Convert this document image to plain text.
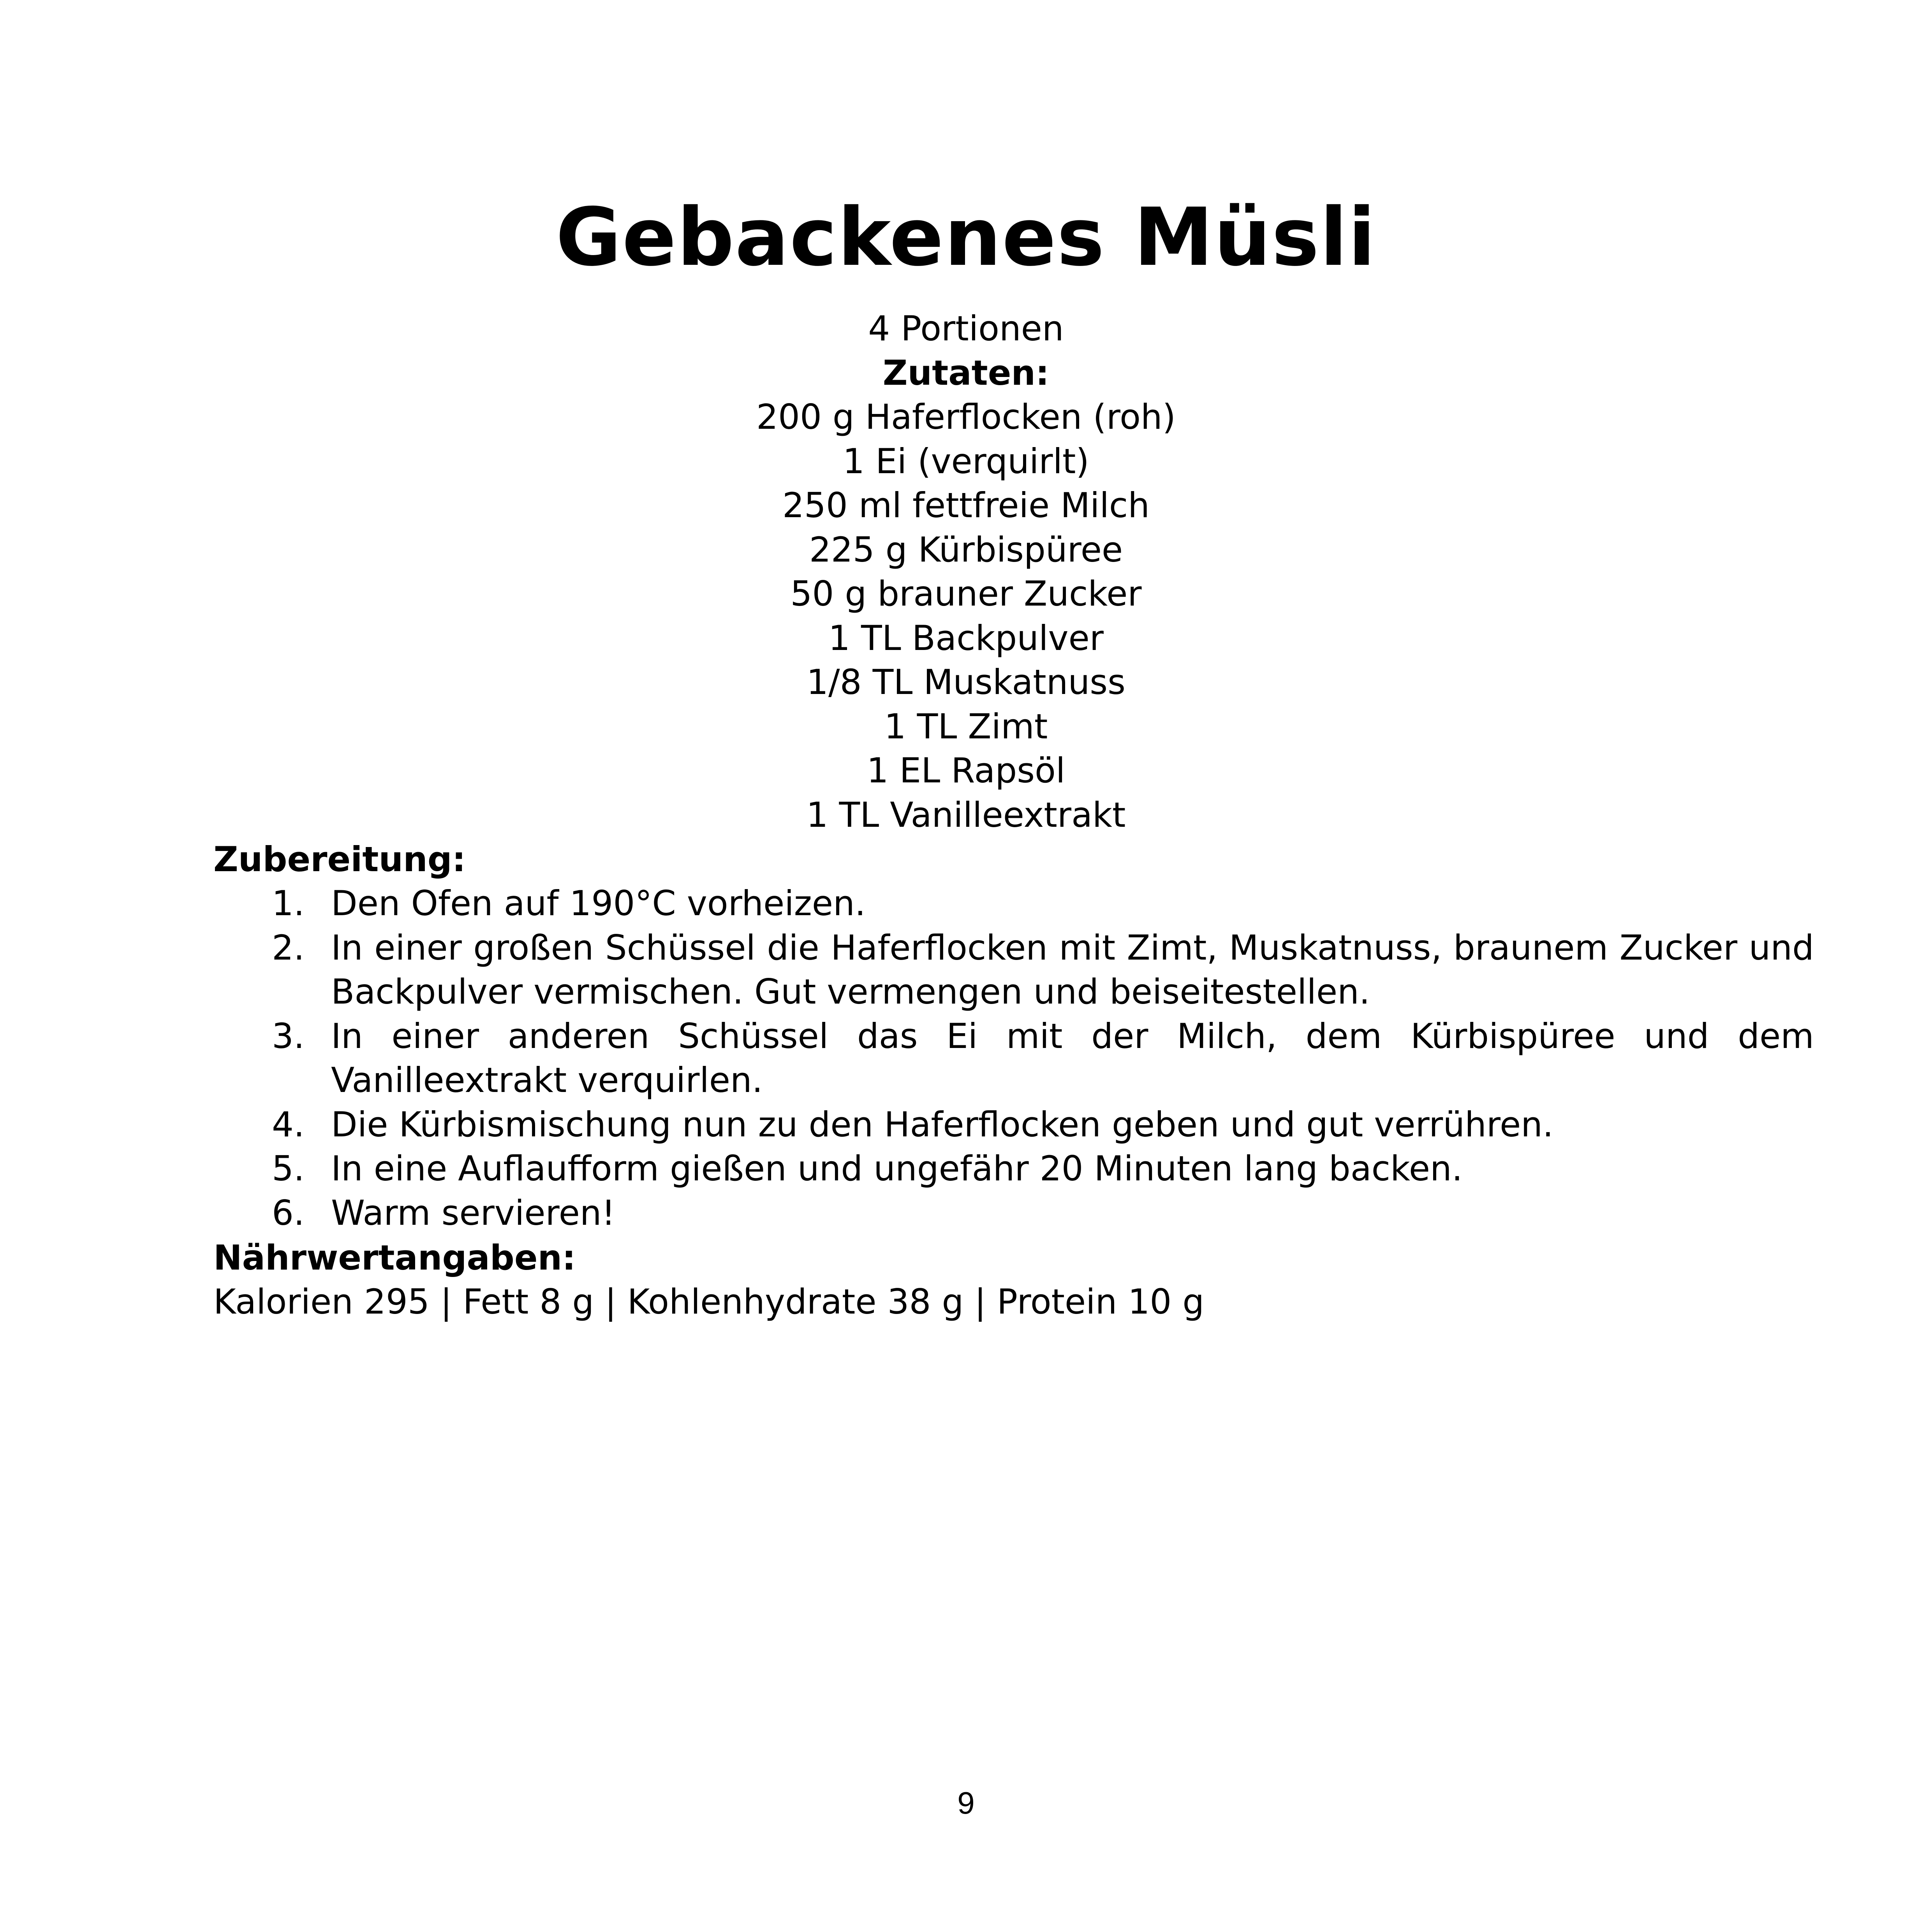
Gebackenes Müsli
4 Portionen
Zutaten:
200 g Haferflocken (roh)
1 Ei (verquirlt)
250 ml fettfreie Milch
225 g Kürbispüree
50 g brauner Zucker
1 TL Backpulver
1/8 TL Muskatnuss
1 TL Zimt
1 EL Rapsöl
1 TL Vanilleextrakt
Zubereitung:
1. Den Ofen auf 190°C vorheizen.
2. In einer großen Schüssel die Haferflocken mit Zimt, Muskatnuss, braunem Zucker und Backpulver vermischen. Gut vermengen und beiseitestellen.
3. In einer anderen Schüssel das Ei mit der Milch, dem Kürbispüree und dem Vanilleextrakt verquirlen.
4. Die Kürbismischung nun zu den Haferflocken geben und gut verrühren.
5. In eine Auflaufform gießen und ungefähr 20 Minuten lang backen.
6. Warm servieren!
Nährwertangaben:
Kalorien 295 | Fett 8 g | Kohlenhydrate 38 g | Protein 10 g
9
